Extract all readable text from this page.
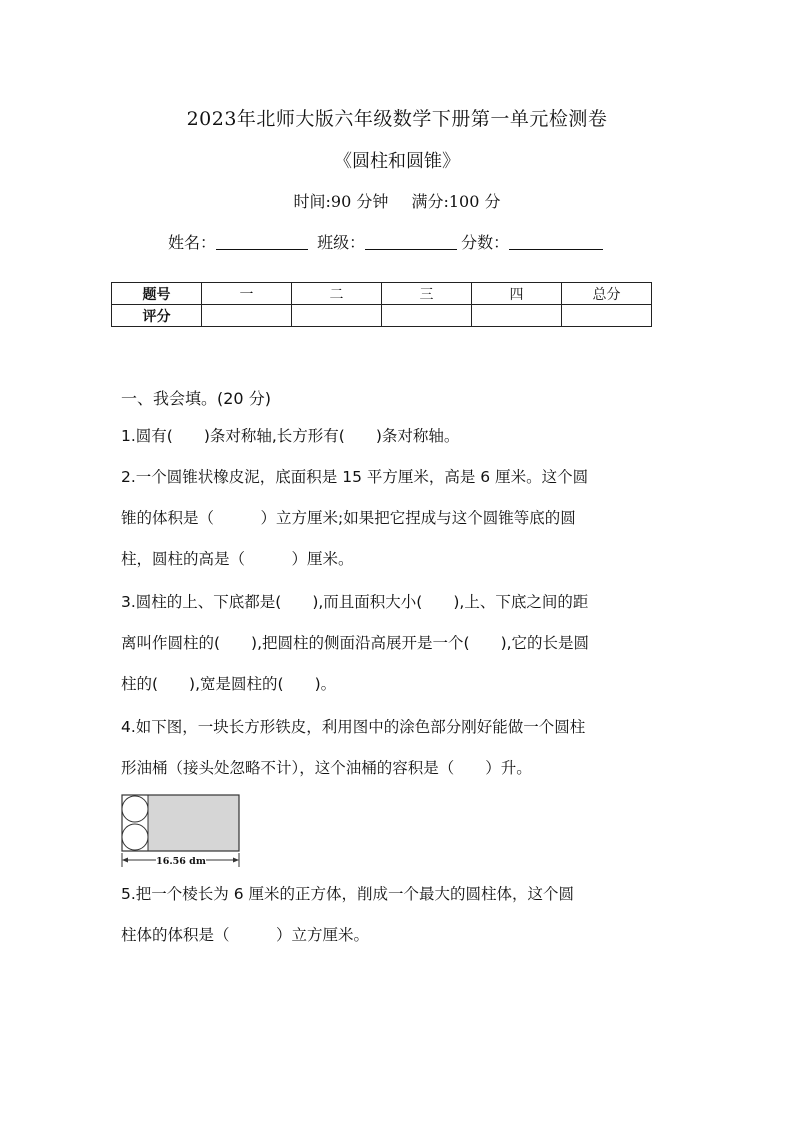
2023年北师大版六年级数学下册第一单元检测卷
《圆柱和圆锥》
时间:90 分钟 满分:100 分
姓名：	班级：	分数：
题号	一	二	三	四	总分
评分					
一、我会填。(20 分)
1.圆有(　　)条对称轴,长方形有(　　)条对称轴。
2.一个圆锥状橡皮泥，底面积是 15 平方厘米，高是 6 厘米。这个圆
锥的体积是（　　　）立方厘米;如果把它捏成与这个圆锥等底的圆
柱，圆柱的高是（　　　）厘米。
3.圆柱的上、下底都是(　　),而且面积大小(　　),上、下底之间的距
离叫作圆柱的(　　),把圆柱的侧面沿高展开是一个(　　),它的长是圆
柱的(　　),宽是圆柱的(　　)。
4.如下图，一块长方形铁皮，利用图中的涂色部分刚好能做一个圆柱
形油桶（接头处忽略不计），这个油桶的容积是（　　）升。
16.56 dm
5.把一个棱长为 6 厘米的正方体，削成一个最大的圆柱体，这个圆
柱体的体积是（　　　）立方厘米。
